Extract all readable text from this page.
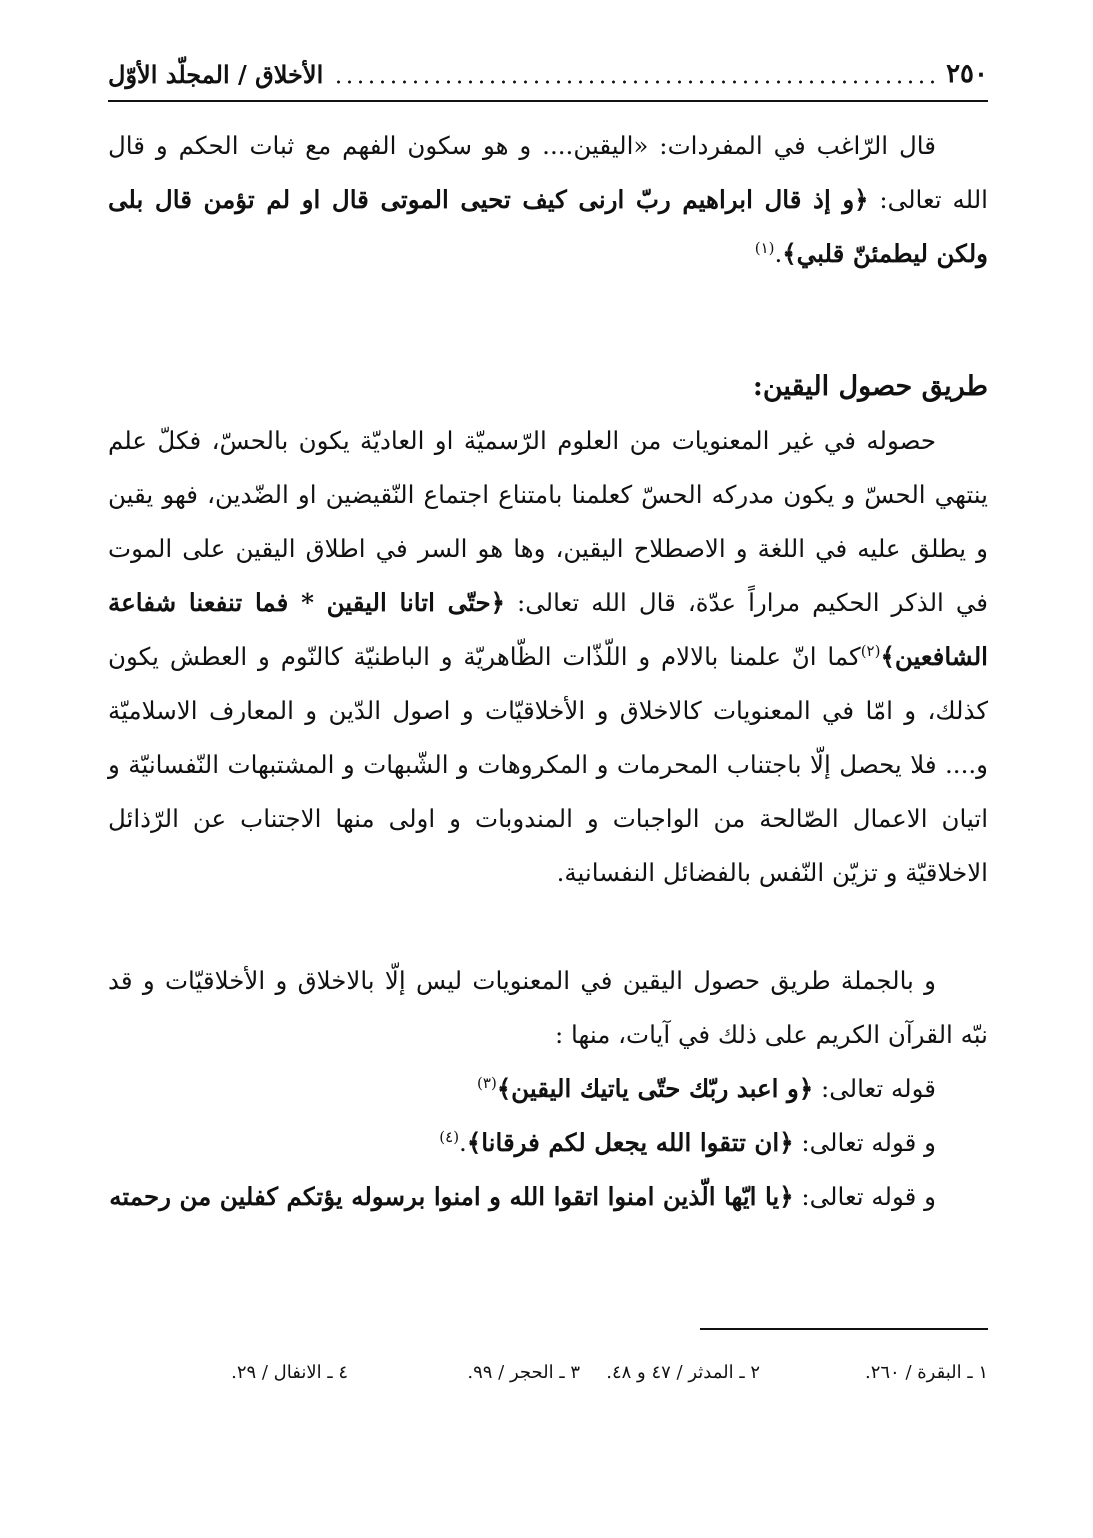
٢٥٠
الأخلاق / المجلّد الأوّل

قال الرّاغب في المفردات: «اليقين.... و هو سكون الفهم مع ثبات الحكم و قال الله تعالى: ﴿و إذ قال ابراهيم ربّ ارنى كيف تحيى الموتى قال او لم تؤمن قال بلى ولكن ليطمئنّ قلبي﴾.$^{(١)}$

طريق حصول اليقين:

حصوله في غير المعنويات من العلوم الرّسميّة او العاديّة يكون بالحسّ، فكلّ علم ينتهي الحسّ و يكون مدركه الحسّ كعلمنا بامتناع اجتماع النّقيضين او الضّدين، فهو يقين و يطلق عليه في اللغة و الاصطلاح اليقين، وها هو السر في اطلاق اليقين على الموت في الذكر الحكيم مراراً عدّة، قال الله تعالى: ﴿حتّى اتانا اليقين * فما تنفعنا شفاعة الشافعين﴾$^{(٢)}$كما انّ علمنا بالالام و اللّذّات الظّاهريّة و الباطنيّة كالنّوم و العطش يكون كذلك، و امّا في المعنويات كالاخلاق و الأخلاقيّات و اصول الدّين و المعارف الاسلاميّة و.... فلا يحصل إلّا باجتناب المحرمات و المكروهات و الشّبهات و المشتبهات النّفسانيّة و اتيان الاعمال الصّالحة من الواجبات و المندوبات و اولى منها الاجتناب عن الرّذائل الاخلاقيّة و تزيّن النّفس بالفضائل النفسانية.

و بالجملة طريق حصول اليقين في المعنويات ليس إلّا بالاخلاق و الأخلاقيّات و قد نبّه القرآن الكريم على ذلك في آيات، منها :

قوله تعالى: ﴿و اعبد ربّك حتّى ياتيك اليقين﴾$^{(٣)}$

و قوله تعالى: ﴿ان تتقوا الله يجعل لكم فرقانا﴾.$^{(٤)}$

و قوله تعالى: ﴿يا ايّها الّذين امنوا اتقوا الله و امنوا برسوله يؤتكم كفلين من رحمته

١ ـ البقرة / ٢٦٠.
٢ ـ المدثر / ٤٧ و ٤٨.
٣ ـ الحجر / ٩٩.
٤ ـ الانفال / ٢٩.
